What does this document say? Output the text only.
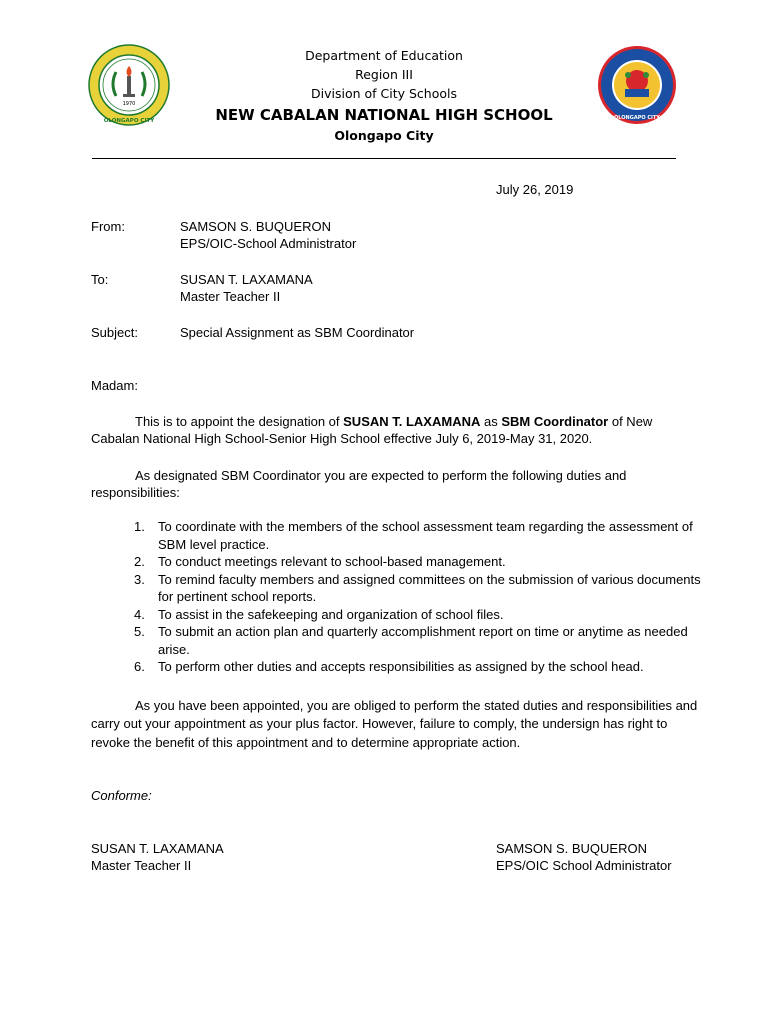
1970
OLONGAPO CITY	OLONGAPO CITY
Department of Education
Region III
Division of City Schools
NEW CABALAN NATIONAL HIGH SCHOOL
Olongapo City
July 26, 2019
From:	SAMSON S. BUQUERON
EPS/OIC-School Administrator
To:	SUSAN T. LAXAMANA
Master Teacher II
Subject:	Special Assignment as SBM Coordinator
Madam:
This is to appoint the designation of SUSAN T. LAXAMANA as SBM Coordinator of New
Cabalan National High School-Senior High School effective July 6, 2019-May 31, 2020.
As designated SBM Coordinator you are expected to perform the following duties and
responsibilities:
1.	To coordinate with the members of the school assessment team regarding the assessment of
SBM level practice.
2.	To conduct meetings relevant to school-based management.
3.	To remind faculty members and assigned committees on the submission of various documents
for pertinent school reports.
4.	To assist in the safekeeping and organization of school files.
5.	To submit an action plan and quarterly accomplishment report on time or anytime as needed
arise.
6.	To perform other duties and accepts responsibilities as assigned by the school head.
As you have been appointed, you are obliged to perform the stated duties and responsibilities and
carry out your appointment as your plus factor. However, failure to comply, the undersign has right to
revoke the benefit of this appointment and to determine appropriate action.
Conforme:
SUSAN T. LAXAMANA
Master Teacher II
SAMSON S. BUQUERON
EPS/OIC School Administrator
